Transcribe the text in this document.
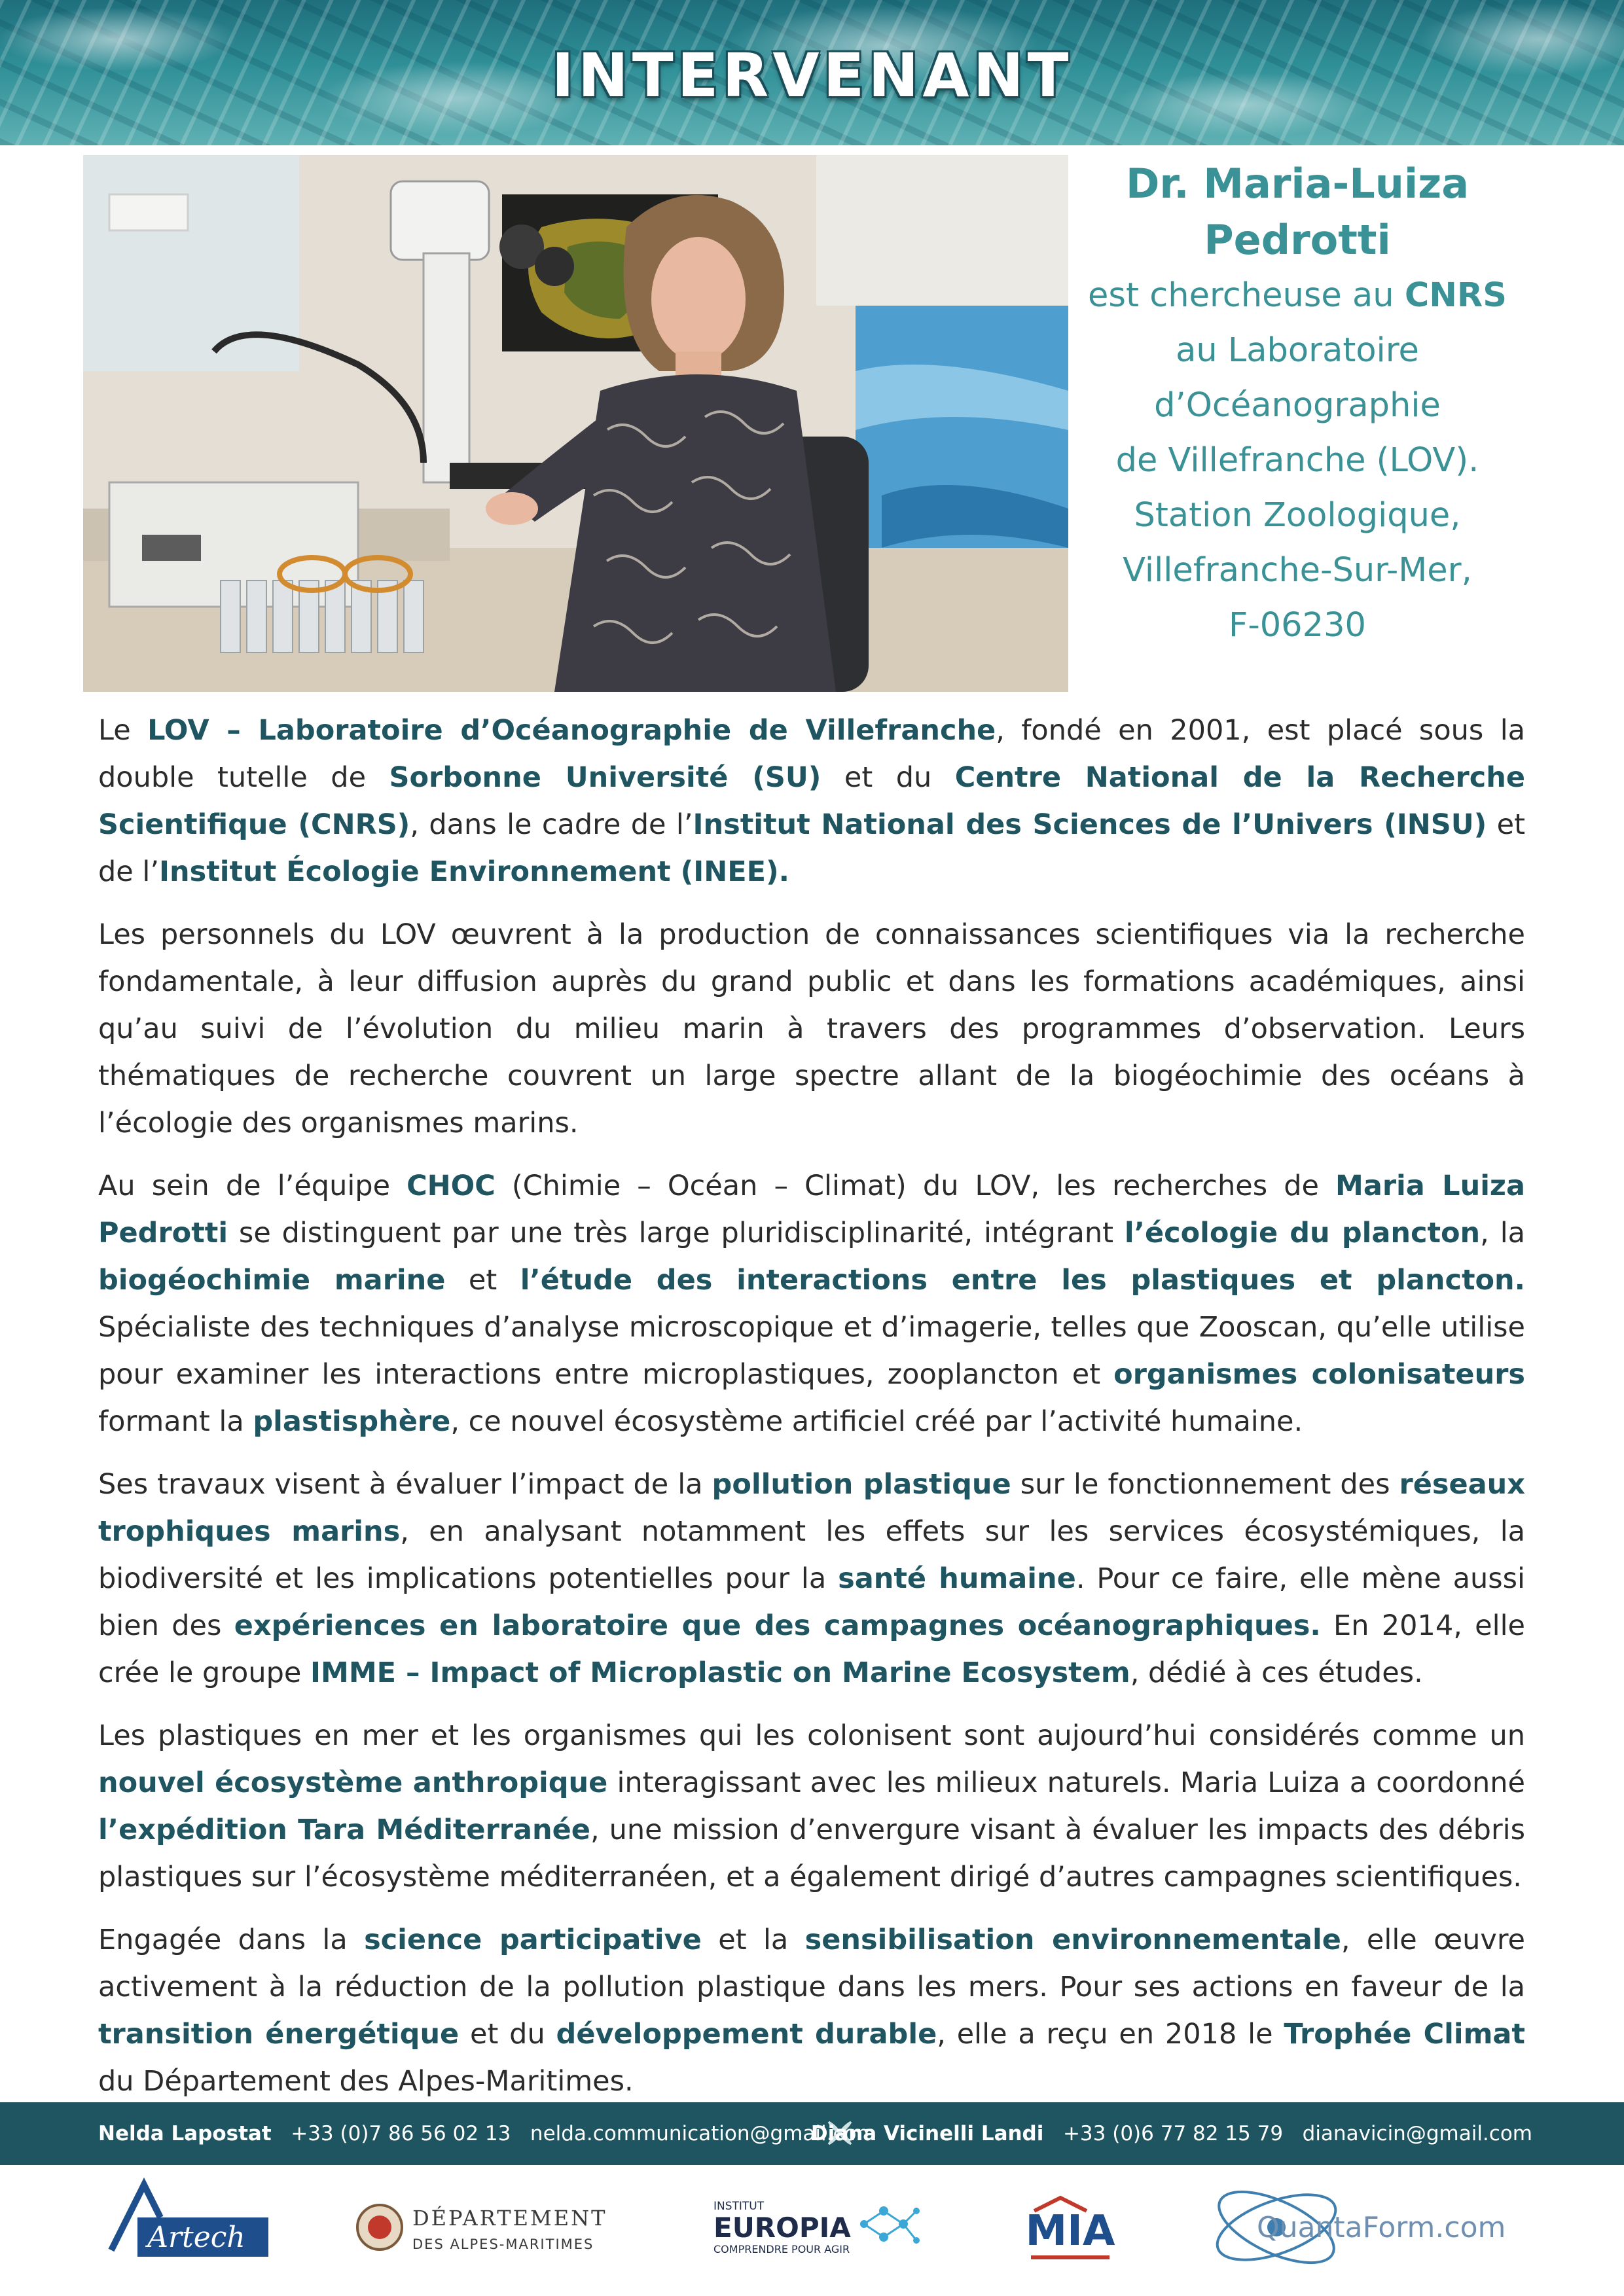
INTERVENANT
Dr. Maria-Luiza
Pedrotti
est chercheuse au CNRS
au Laboratoire
d’Océanographie
de Villefranche (LOV).
Station Zoologique,
Villefranche-Sur-Mer,
F-06230

Le LOV – Laboratoire d’Océanographie de Villefranche, fondé en 2001, est placé sous la double tutelle de Sorbonne Université (SU) et du Centre National de la Recherche Scientifique (CNRS), dans le cadre de l’Institut National des Sciences de l’Univers (INSU) et de l’Institut Écologie Environnement (INEE).

Les personnels du LOV œuvrent à la production de connaissances scientifiques via la recherche fondamentale, à leur diffusion auprès du grand public et dans les formations académiques, ainsi qu’au suivi de l’évolution du milieu marin à travers des programmes d’observation. Leurs thématiques de recherche couvrent un large spectre allant de la biogéochimie des océans à l’écologie des organismes marins.

Au sein de l’équipe CHOC (Chimie – Océan – Climat) du LOV, les recherches de Maria Luiza Pedrotti se distinguent par une très large pluridisciplinarité, intégrant l’écologie du plancton, la biogéochimie marine et l’étude des interactions entre les plastiques et plancton. Spécialiste des techniques d’analyse microscopique et d’imagerie, telles que Zooscan, qu’elle utilise pour examiner les interactions entre microplastiques, zooplancton et organismes colonisateurs formant la plastisphère, ce nouvel écosystème artificiel créé par l’activité humaine.

Ses travaux visent à évaluer l’impact de la pollution plastique sur le fonctionnement des réseaux trophiques marins, en analysant notamment les effets sur les services écosystémiques, la biodiversité et les implications potentielles pour la santé humaine. Pour ce faire, elle mène aussi bien des expériences en laboratoire que des campagnes océanographiques. En 2014, elle crée le groupe IMME – Impact of Microplastic on Marine Ecosystem, dédié à ces études.

Les plastiques en mer et les organismes qui les colonisent sont aujourd’hui considérés comme un nouvel écosystème anthropique interagissant avec les milieux naturels. Maria Luiza a coordonné l’expédition Tara Méditerranée, une mission d’envergure visant à évaluer les impacts des débris plastiques sur l’écosystème méditerranéen, et a également dirigé d’autres campagnes scientifiques.

Engagée dans la science participative et la sensibilisation environnementale, elle œuvre activement à la réduction de la pollution plastique dans les mers. Pour ses actions en faveur de la transition énergétique et du développement durable, elle a reçu en 2018 le Trophée Climat du Département des Alpes-Maritimes.

Nelda Lapostat +33 (0)7 86 56 02 13 nelda.communication@gmail.com
Diana Vicinelli Landi +33 (0)6 77 82 15 79 dianavicin@gmail.com
Artech
DÉPARTEMENT
DES ALPES-MARITIMES
INSTITUT
EUROPIA
COMPRENDRE POUR AGIR	MIA	QuantaForm.com
